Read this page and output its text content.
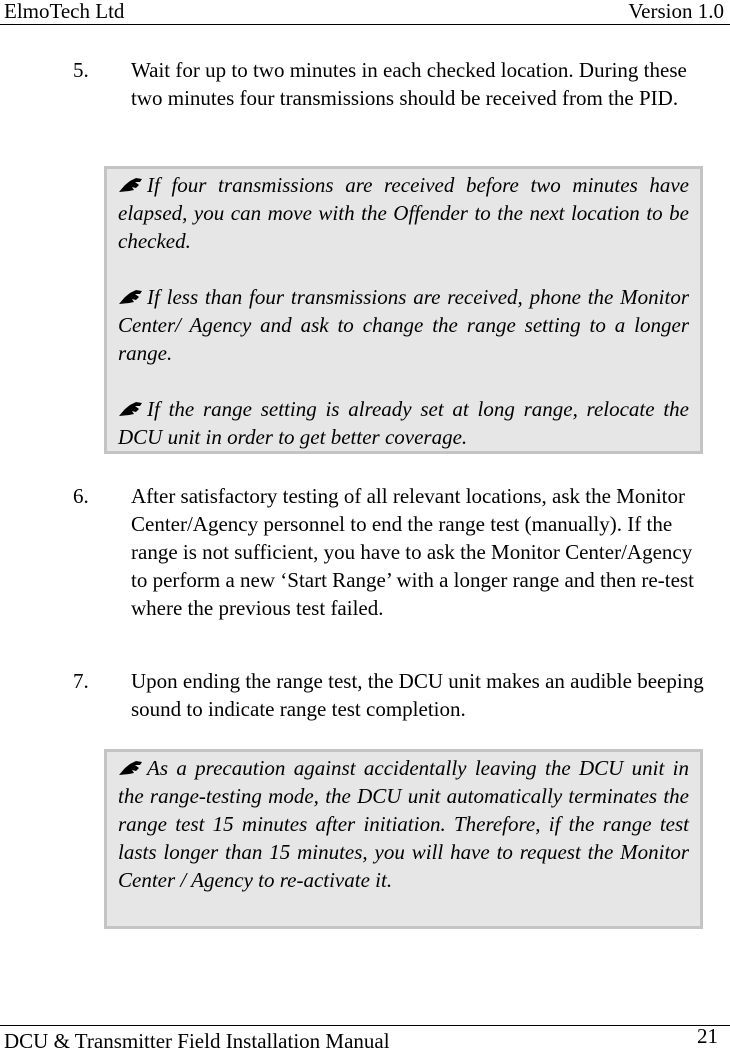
ElmoTech Ltd	Version 1.0
5. Wait for up to two minutes in each checked location. During these two minutes four transmissions should be received from the PID.

If four transmissions are received before two minutes have elapsed, you can move with the Offender to the next location to be checked.

If less than four transmissions are received, phone the Monitor Center/ Agency and ask to change the range setting to a longer range.

If the range setting is already set at long range, relocate the DCU unit in order to get better coverage.

6. After satisfactory testing of all relevant locations, ask the Monitor Center/Agency personnel to end the range test (manually). If the range is not sufficient, you have to ask the Monitor Center/Agency to perform a new ‘Start Range’ with a longer range and then re-test where the previous test failed.
7. Upon ending the range test, the DCU unit makes an audible beeping sound to indicate range test completion.

As a precaution against accidentally leaving the DCU unit in the range-testing mode, the DCU unit automatically terminates the range test 15 minutes after initiation. Therefore, if the range test lasts longer than 15 minutes, you will have to request the Monitor Center / Agency to re-activate it.

DCU & Transmitter Field Installation Manual	21
